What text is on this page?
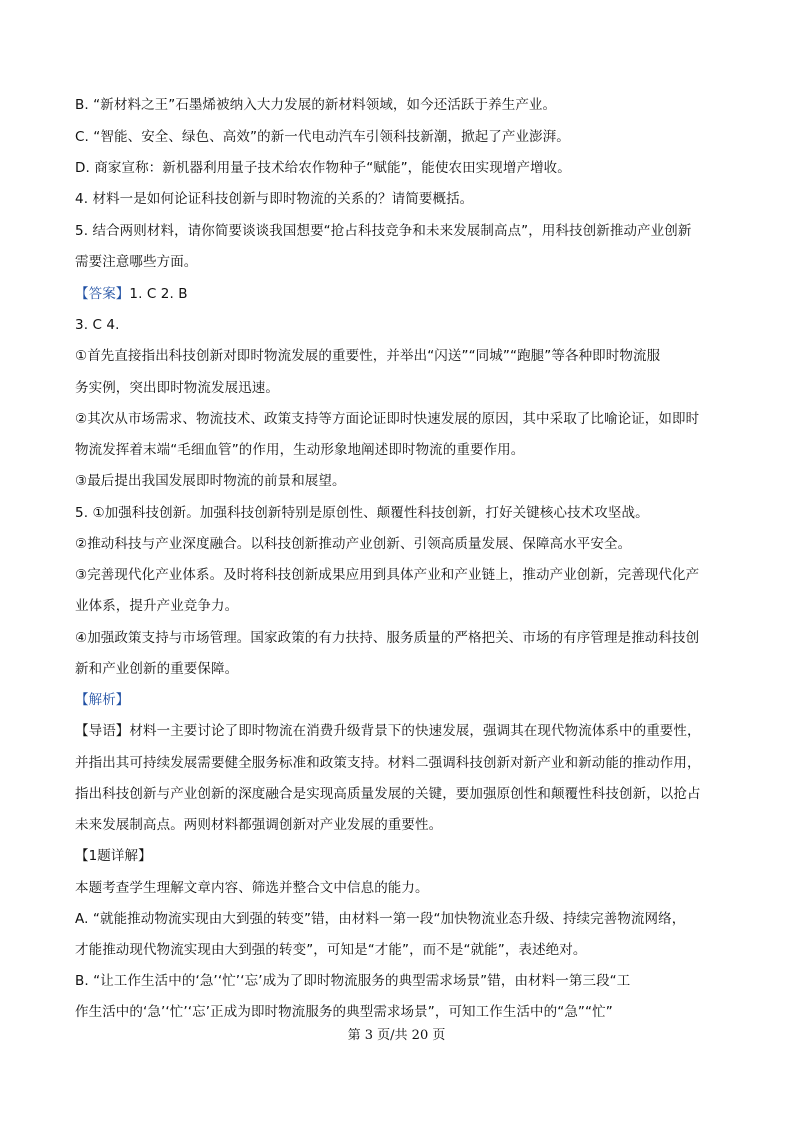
B. “新材料之王”石墨烯被纳入大力发展的新材料领域，如今还活跃于养生产业。
C. “智能、安全、绿色、高效”的新一代电动汽车引领科技新潮，掀起了产业澎湃。
D. 商家宣称：新机器利用量子技术给农作物种子“赋能”，能使农田实现增产增收。
4. 材料一是如何论证科技创新与即时物流的关系的？请简要概括。
5. 结合两则材料，请你简要谈谈我国想要“抢占科技竞争和未来发展制高点”，用科技创新推动产业创新
需要注意哪些方面。
【答案】1. C 2. B
3. C 4.
①首先直接指出科技创新对即时物流发展的重要性，并举出“闪送”“同城”“跑腿”等各种即时物流服
务实例，突出即时物流发展迅速。
②其次从市场需求、物流技术、政策支持等方面论证即时快速发展的原因，其中采取了比喻论证，如即时
物流发挥着末端“毛细血管”的作用，生动形象地阐述即时物流的重要作用。
③最后提出我国发展即时物流的前景和展望。
5. ①加强科技创新。加强科技创新特别是原创性、颠覆性科技创新，打好关键核心技术攻坚战。
②推动科技与产业深度融合。以科技创新推动产业创新、引领高质量发展、保障高水平安全。
③完善现代化产业体系。及时将科技创新成果应用到具体产业和产业链上，推动产业创新，完善现代化产
业体系，提升产业竞争力。
④加强政策支持与市场管理。国家政策的有力扶持、服务质量的严格把关、市场的有序管理是推动科技创
新和产业创新的重要保障。
【解析】
【导语】材料一主要讨论了即时物流在消费升级背景下的快速发展，强调其在现代物流体系中的重要性，
并指出其可持续发展需要健全服务标准和政策支持。材料二强调科技创新对新产业和新动能的推动作用，
指出科技创新与产业创新的深度融合是实现高质量发展的关键，要加强原创性和颠覆性科技创新，以抢占
未来发展制高点。两则材料都强调创新对产业发展的重要性。
【1题详解】
本题考查学生理解文章内容、筛选并整合文中信息的能力。
A. “就能推动物流实现由大到强的转变”错，由材料一第一段“加快物流业态升级、持续完善物流网络，
才能推动现代物流实现由大到强的转变”，可知是“才能”，而不是“就能”，表述绝对。
B. “让工作生活中的‘急’‘忙’‘忘’成为了即时物流服务的典型需求场景”错，由材料一第三段“工
作生活中的‘急’‘忙’‘忘’正成为即时物流服务的典型需求场景”，可知工作生活中的“急”“忙”
第 3 页/共 20 页
